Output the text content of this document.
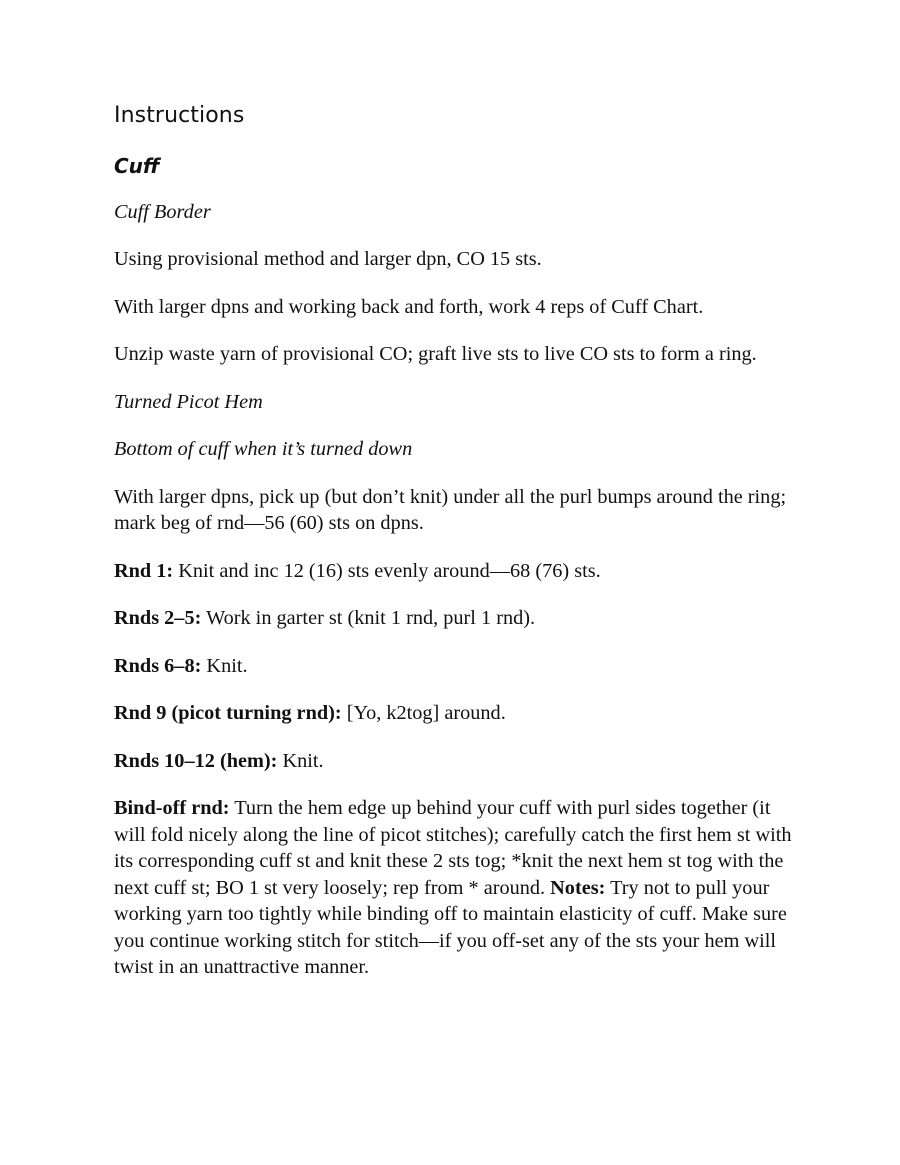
Instructions
Cuff
Cuff Border
Using provisional method and larger dpn, CO 15 sts.
With larger dpns and working back and forth, work 4 reps of Cuff Chart.
Unzip waste yarn of provisional CO; graft live sts to live CO sts to form a ring.
Turned Picot Hem
Bottom of cuff when it’s turned down
With larger dpns, pick up (but don’t knit) under all the purl bumps around the ring; mark beg of rnd—56 (60) sts on dpns.
Rnd 1: Knit and inc 12 (16) sts evenly around—68 (76) sts.
Rnds 2–5: Work in garter st (knit 1 rnd, purl 1 rnd).
Rnds 6–8: Knit.
Rnd 9 (picot turning rnd): [Yo, k2tog] around.
Rnds 10–12 (hem): Knit.
Bind-off rnd: Turn the hem edge up behind your cuff with purl sides together (it will fold nicely along the line of picot stitches); carefully catch the first hem st with its corresponding cuff st and knit these 2 sts tog; *knit the next hem st tog with the next cuff st; BO 1 st very loosely; rep from * around. Notes: Try not to pull your working yarn too tightly while binding off to maintain elasticity of cuff. Make sure you continue working stitch for stitch—if you off-set any of the sts your hem will twist in an unattractive manner.
